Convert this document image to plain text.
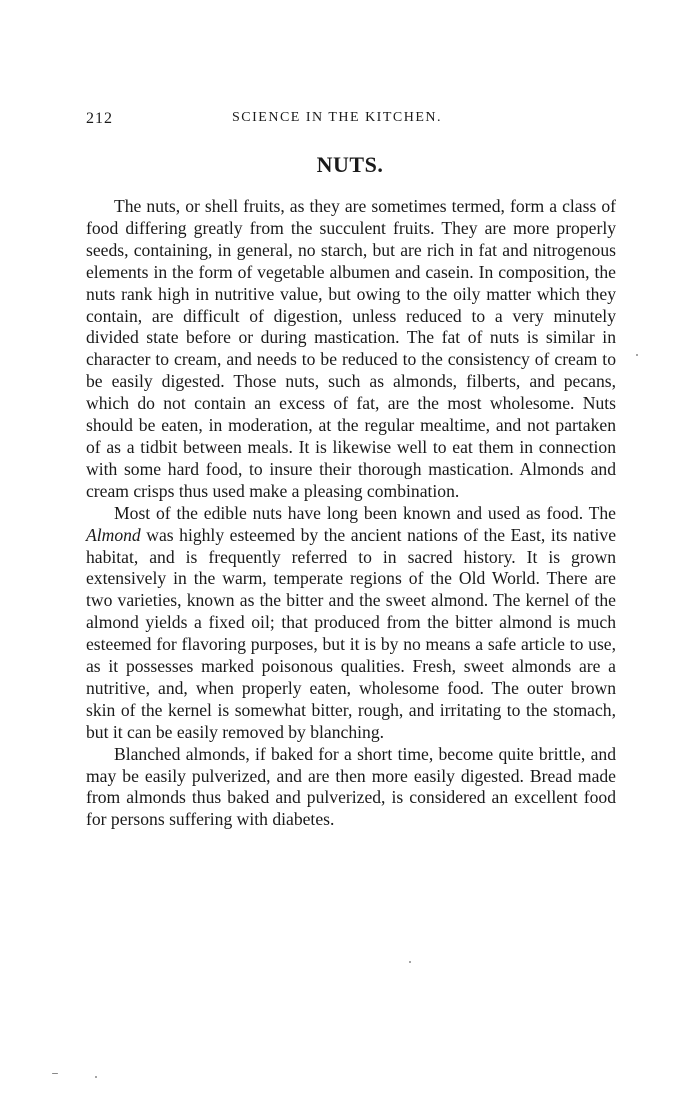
212	SCIENCE IN THE KITCHEN.
NUTS.

The nuts, or shell fruits, as they are sometimes termed, form a class of food differing greatly from the succulent fruits. They are more properly seeds, containing, in general, no starch, but are rich in fat and nitrogenous elements in the form of vegetable albumen and casein. In composition, the nuts rank high in nutritive value, but owing to the oily matter which they contain, are difficult of digestion, unless reduced to a very minutely divided state before or during mastication. The fat of nuts is similar in character to cream, and needs to be reduced to the consistency of cream to be easily digested. Those nuts, such as almonds, filberts, and pecans, which do not contain an excess of fat, are the most wholesome. Nuts should be eaten, in moderation, at the regular mealtime, and not partaken of as a tidbit between meals. It is likewise well to eat them in connection with some hard food, to insure their thorough mastication. Almonds and cream crisps thus used make a pleasing combination.

Most of the edible nuts have long been known and used as food. The Almond was highly esteemed by the ancient nations of the East, its native habitat, and is frequently referred to in sacred history. It is grown extensively in the warm, temperate regions of the Old World. There are two varieties, known as the bitter and the sweet almond. The kernel of the almond yields a fixed oil; that produced from the bitter almond is much esteemed for flavoring purposes, but it is by no means a safe article to use, as it possesses marked poisonous qualities. Fresh, sweet almonds are a nutritive, and, when properly eaten, wholesome food. The outer brown skin of the kernel is somewhat bitter, rough, and irritating to the stomach, but it can be easily removed by blanching.

Blanched almonds, if baked for a short time, become quite brittle, and may be easily pulverized, and are then more easily digested. Bread made from almonds thus baked and pulverized, is considered an excellent food for persons suffering with diabetes.
